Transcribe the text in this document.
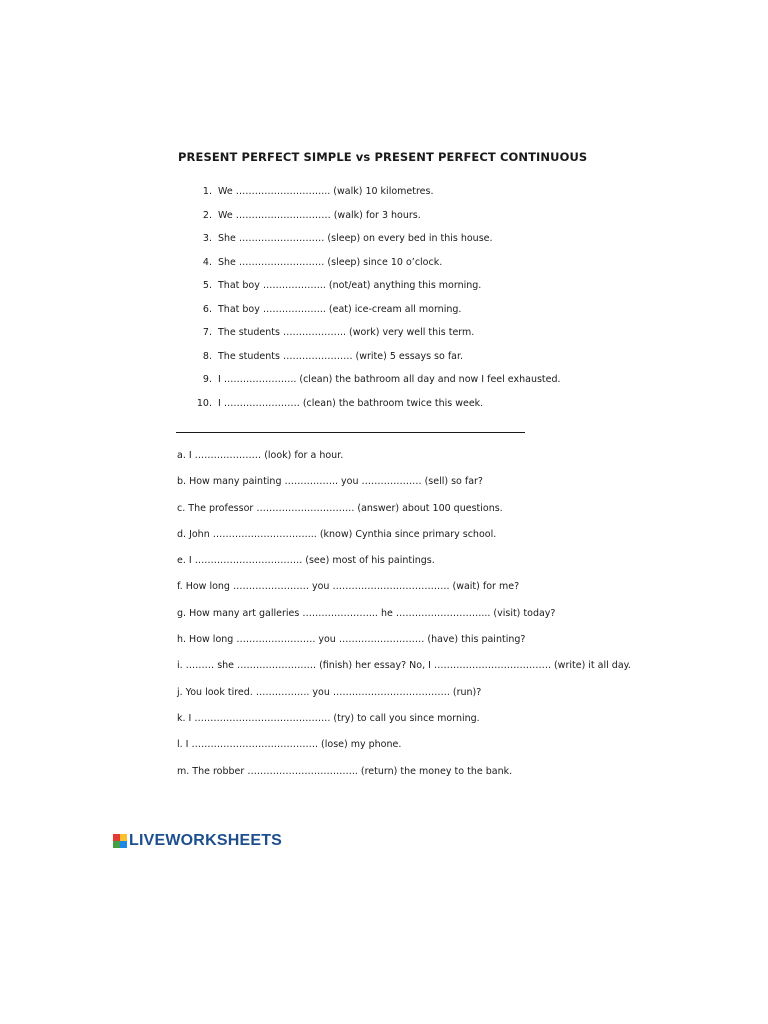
PRESENT PERFECT SIMPLE vs PRESENT PERFECT CONTINUOUS
1. We ………………………... (walk) 10 kilometres.
2. We ………………………… (walk) for 3 hours.
3. She ……………………… (sleep) on every bed in this house.
4. She ……………………… (sleep) since 10 o’clock.
5. That boy ……………….. (not/eat) anything this morning.
6. That boy ……………….. (eat) ice-cream all morning.
7. The students ……………….. (work) very well this term.
8. The students …………………. (write) 5 essays so far.
9. I ………………….. (clean) the bathroom all day and now I feel exhausted.
10. I …………………… (clean) the bathroom twice this week.
a. I ………………… (look) for a hour.
b. How many painting …………….. you ………………. (sell) so far?
c. The professor …………………………. (answer) about 100 questions.
d. John …………………………... (know) Cynthia since primary school.
e. I ……………………………. (see) most of his paintings.
f. How long …………………… you ………………………………. (wait) for me?
g. How many art galleries …………………... he ………………………... (visit) today?
h. How long ……………………. you ……………………… (have) this painting?
i. ……… she ……………………. (finish) her essay? No, I ………………………………. (write) it all day.
j. You look tired. …………….. you ………………………………. (run)?
k. I ……………………………………. (try) to call you since morning.
l. I …………………………………. (lose) my phone.
m. The robber …………………………….. (return) the money to the bank.
LIVEWORKSHEETS
